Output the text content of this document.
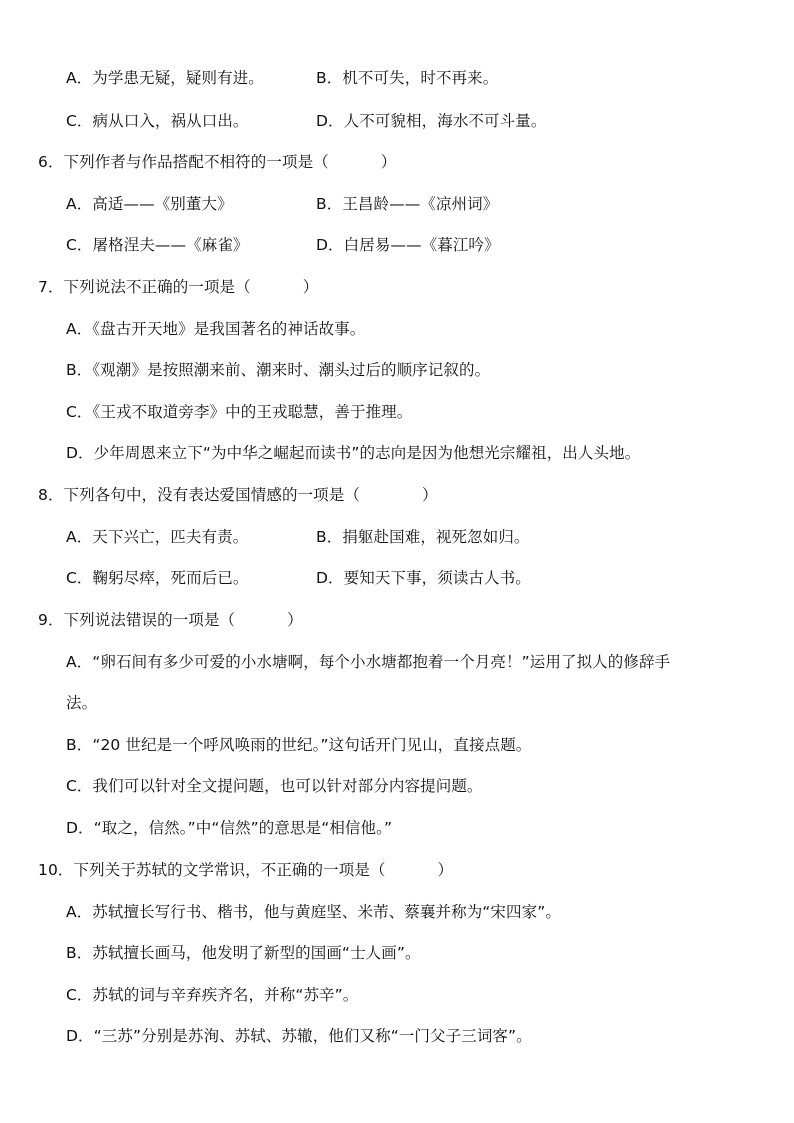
A．为学患无疑，疑则有进。	B．机不可失，时不再来。
C．病从口入，祸从口出。	D．人不可貌相，海水不可斗量。
6．下列作者与作品搭配不相符的一项是（	）
A．高适——《别董大》	B．王昌龄——《凉州词》
C．屠格涅夫——《麻雀》	D．白居易——《暮江吟》
7．下列说法不正确的一项是（	）
A．《盘古开天地》是我国著名的神话故事。
B．《观潮》是按照潮来前、潮来时、潮头过后的顺序记叙的。
C．《王戎不取道旁李》中的王戎聪慧，善于推理。
D．少年周恩来立下“为中华之崛起而读书”的志向是因为他想光宗耀祖，出人头地。
8．下列各句中，没有表达爱国情感的一项是（	）
A．天下兴亡，匹夫有责。	B．捐躯赴国难，视死忽如归。
C．鞠躬尽瘁，死而后已。	D．要知天下事，须读古人书。
9．下列说法错误的一项是（	）
A．“卵石间有多少可爱的小水塘啊，每个小水塘都抱着一个月亮！”运用了拟人的修辞手
法。
B．“20 世纪是一个呼风唤雨的世纪。”这句话开门见山，直接点题。
C．我们可以针对全文提问题，也可以针对部分内容提问题。
D．“取之，信然。”中“信然”的意思是“相信他。”
10．下列关于苏轼的文学常识，不正确的一项是（	）
A．苏轼擅长写行书、楷书，他与黄庭坚、米芾、蔡襄并称为“宋四家”。
B．苏轼擅长画马，他发明了新型的国画“士人画”。
C．苏轼的词与辛弃疾齐名，并称“苏辛”。
D．“三苏”分别是苏洵、苏轼、苏辙，他们又称“一门父子三词客”。
